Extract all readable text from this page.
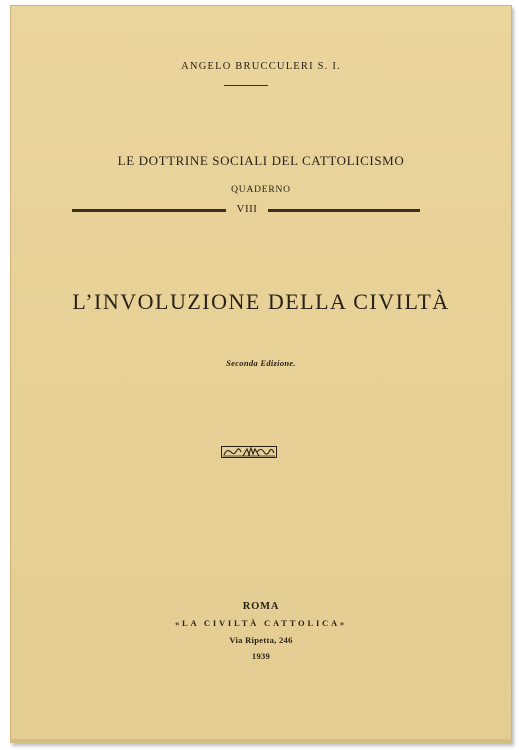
ANGELO BRUCCULERI S. I.
LE DOTTRINE SOCIALI DEL CATTOLICISMO
QUADERNO
VIII
L’INVOLUZIONE DELLA CIVILTÀ
Seconda Edizione.
ROMA
«LA CIVILTÀ CATTOLICA»
Via Ripetta, 246
1939
